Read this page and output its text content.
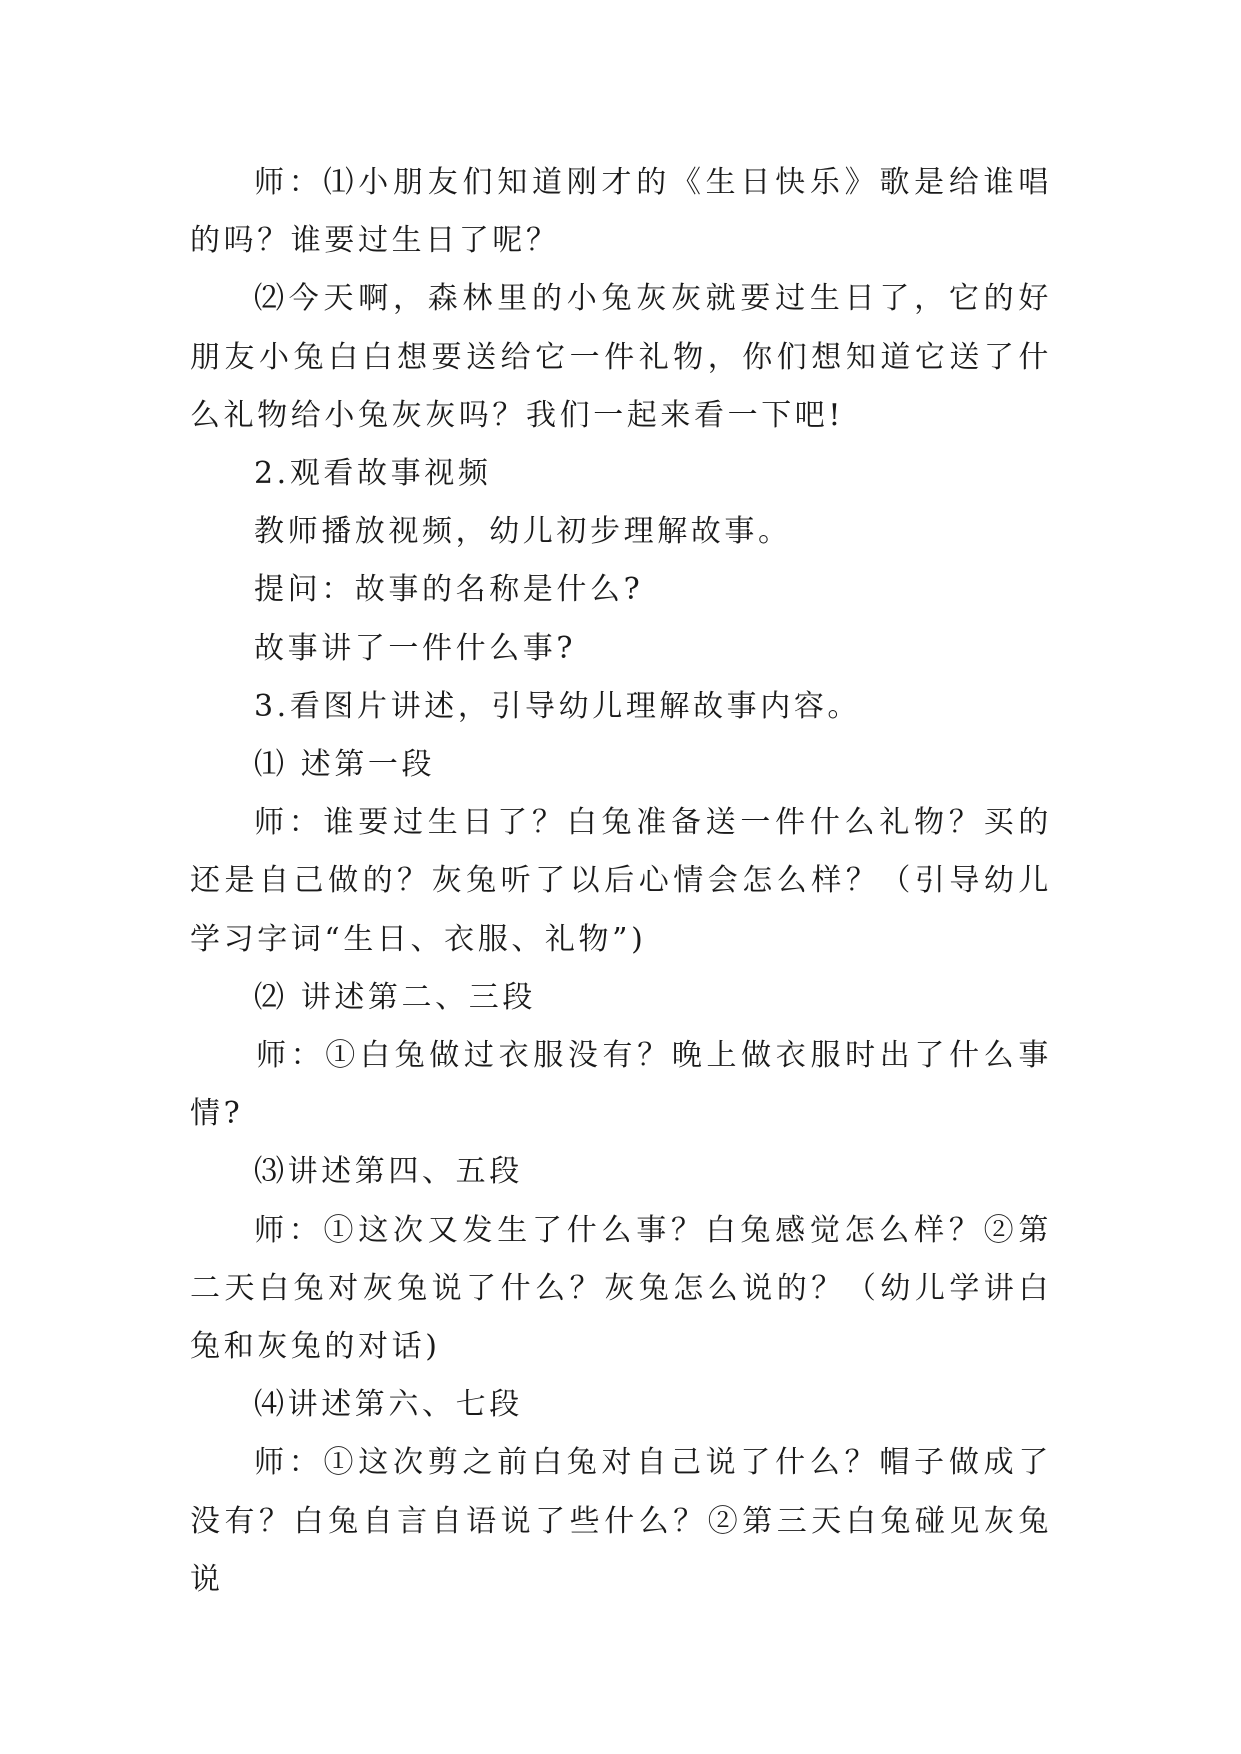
师：⑴小朋友们知道刚才的《生日快乐》歌是给谁唱的吗？谁要过生日了呢？

⑵今天啊，森林里的小兔灰灰就要过生日了，它的好朋友小兔白白想要送给它一件礼物，你们想知道它送了什么礼物给小兔灰灰吗？我们一起来看一下吧!

2.观看故事视频

教师播放视频，幼儿初步理解故事。

提问：故事的名称是什么?

故事讲了一件什么事?

3.看图片讲述，引导幼儿理解故事内容。

⑴ 述第一段

师：谁要过生日了？白兔准备送一件什么礼物？买的还是自己做的？灰兔听了以后心情会怎么样？（引导幼儿学习字词“生日、衣服、礼物”)

⑵ 讲述第二、三段

师：①白兔做过衣服没有？晚上做衣服时出了什么事情?

⑶讲述第四、五段

师：①这次又发生了什么事？白兔感觉怎么样？②第二天白兔对灰兔说了什么？灰兔怎么说的？（幼儿学讲白兔和灰兔的对话)

⑷讲述第六、七段

师：①这次剪之前白兔对自己说了什么？帽子做成了没有？白兔自言自语说了些什么？②第三天白兔碰见灰兔说
